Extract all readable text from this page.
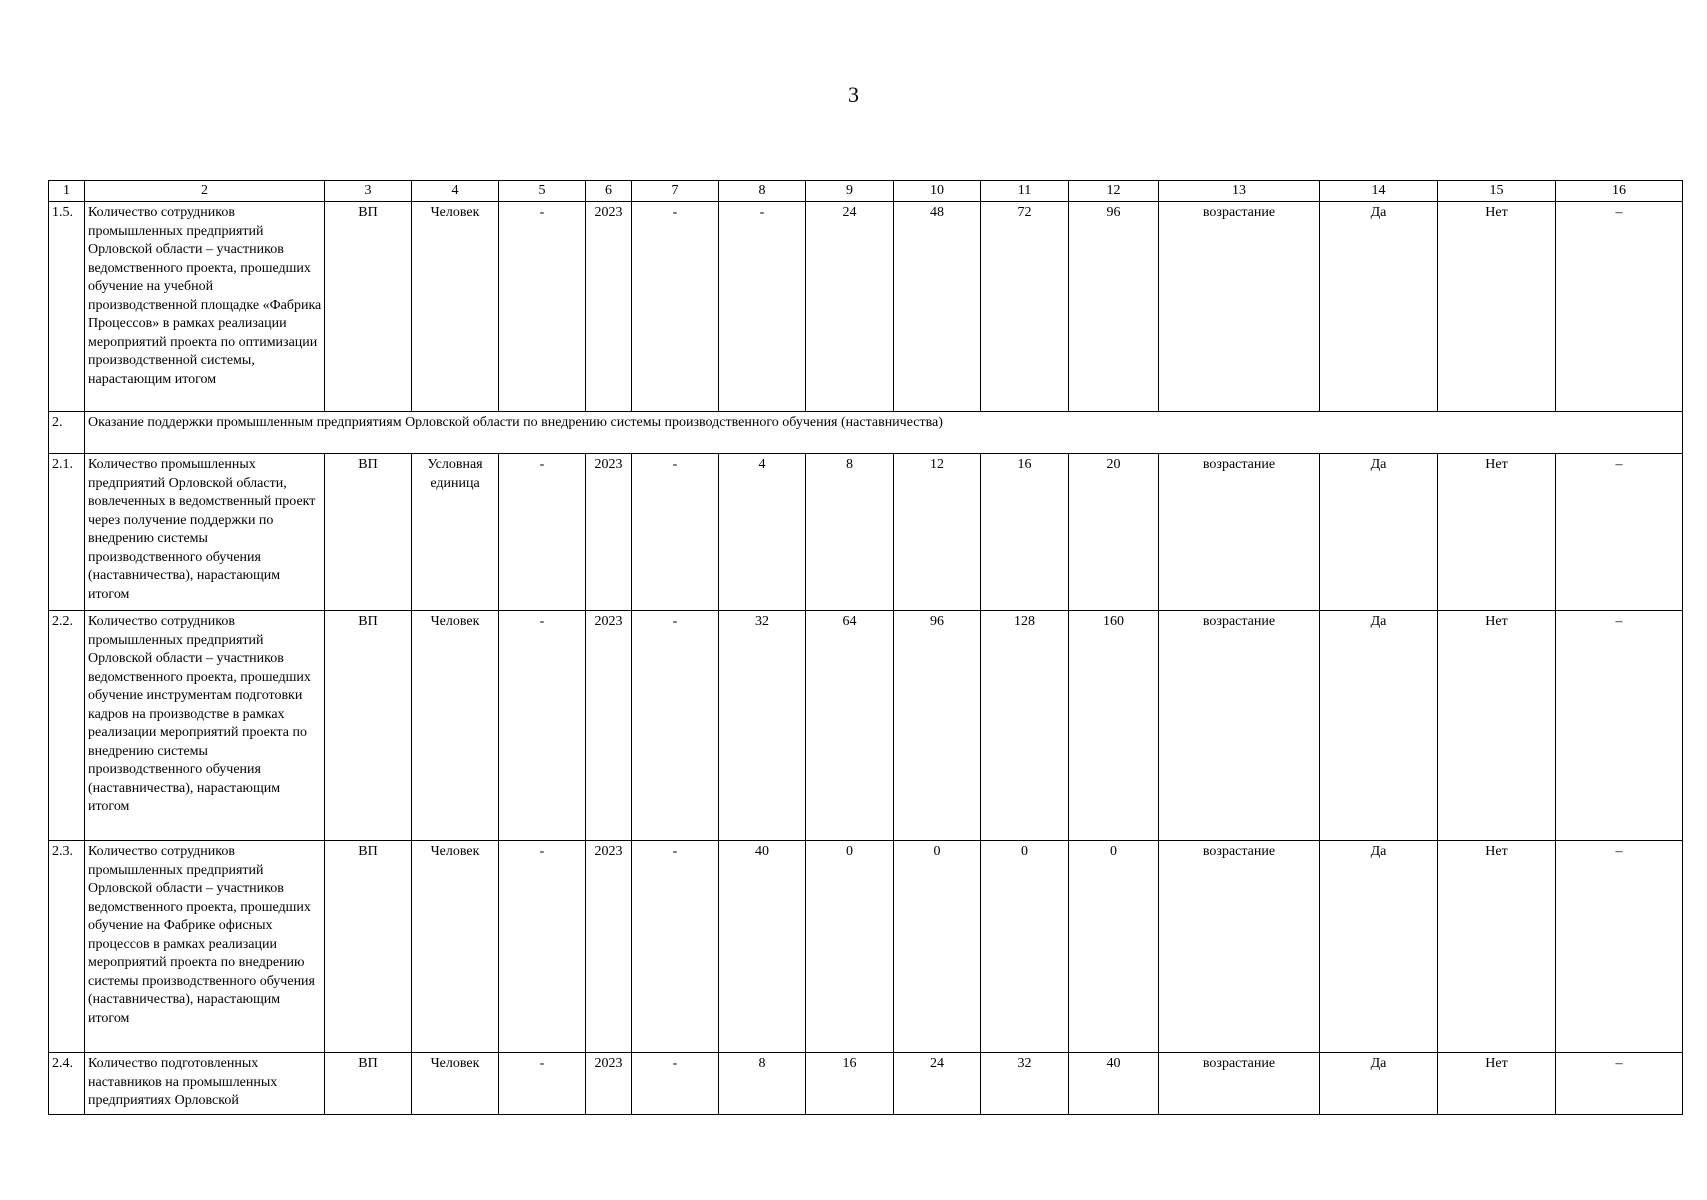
3
1	2	3	4	5	6	7	8	9	10	11	12	13	14	15	16
1.5.	Количество сотрудников промышленных предприятий Орловской области – участников ведомственного проекта, прошедших обучение на учебной производственной площадке «Фабрика Процессов» в рамках реализации мероприятий проекта по оптимизации производственной системы, нарастающим итогом	ВП	Человек	-	2023	-	-	24	48	72	96	возрастание	Да	Нет	–
2.	Оказание поддержки промышленным предприятиям Орловской области по внедрению системы производственного обучения (наставничества)														
2.1.	Количество промышленных предприятий Орловской области, вовлеченных в ведомственный проект через получение поддержки по внедрению системы производственного обучения (наставничества), нарастающим итогом	ВП	Условная единица	-	2023	-	4	8	12	16	20	возрастание	Да	Нет	–
2.2.	Количество сотрудников промышленных предприятий Орловской области – участников ведомственного проекта, прошедших обучение инструментам подготовки кадров на производстве в рамках реализации мероприятий проекта по внедрению системы производственного обучения (наставничества), нарастающим итогом	ВП	Человек	-	2023	-	32	64	96	128	160	возрастание	Да	Нет	–
2.3.	Количество сотрудников промышленных предприятий Орловской области – участников ведомственного проекта, прошедших обучение на Фабрике офисных процессов в рамках реализации мероприятий проекта по внедрению системы производственного обучения (наставничества), нарастающим итогом	ВП	Человек	-	2023	-	40	0	0	0	0	возрастание	Да	Нет	–
2.4.	Количество подготовленных наставников на промышленных предприятиях Орловской	ВП	Человек	-	2023	-	8	16	24	32	40	возрастание	Да	Нет	–
